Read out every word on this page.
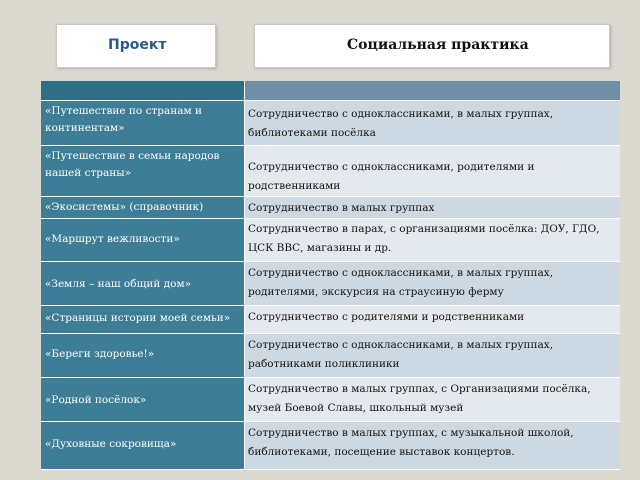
Проект	Социальная практика

«Путешествие по странам и континентам»	Сотрудничество с одноклассниками, в малых группах, библиотеками посёлка
«Путешествие в семьи народов нашей страны»	Сотрудничество с одноклассниками, родителями и родственниками
«Экосистемы» (справочник)	Сотрудничество в малых группах
«Маршрут вежливости»	Сотрудничество в парах, с организациями посёлка: ДОУ, ГДО, ЦСК ВВС, магазины и др.
«Земля – наш общий дом»	Сотрудничество с одноклассниками, в малых группах, родителями, экскурсия на страусиную ферму
«Страницы истории моей семьи»	Сотрудничество с родителями и родственниками
«Береги здоровье!»	Сотрудничество с одноклассниками, в малых группах, работниками поликлиники
«Родной посёлок»	Сотрудничество в малых группах, с Организациями посёлка, музей Боевой Славы, школьный музей
«Духовные сокровища»	Сотрудничество в малых группах, с музыкальной школой, библиотеками, посещение выставок концертов.
